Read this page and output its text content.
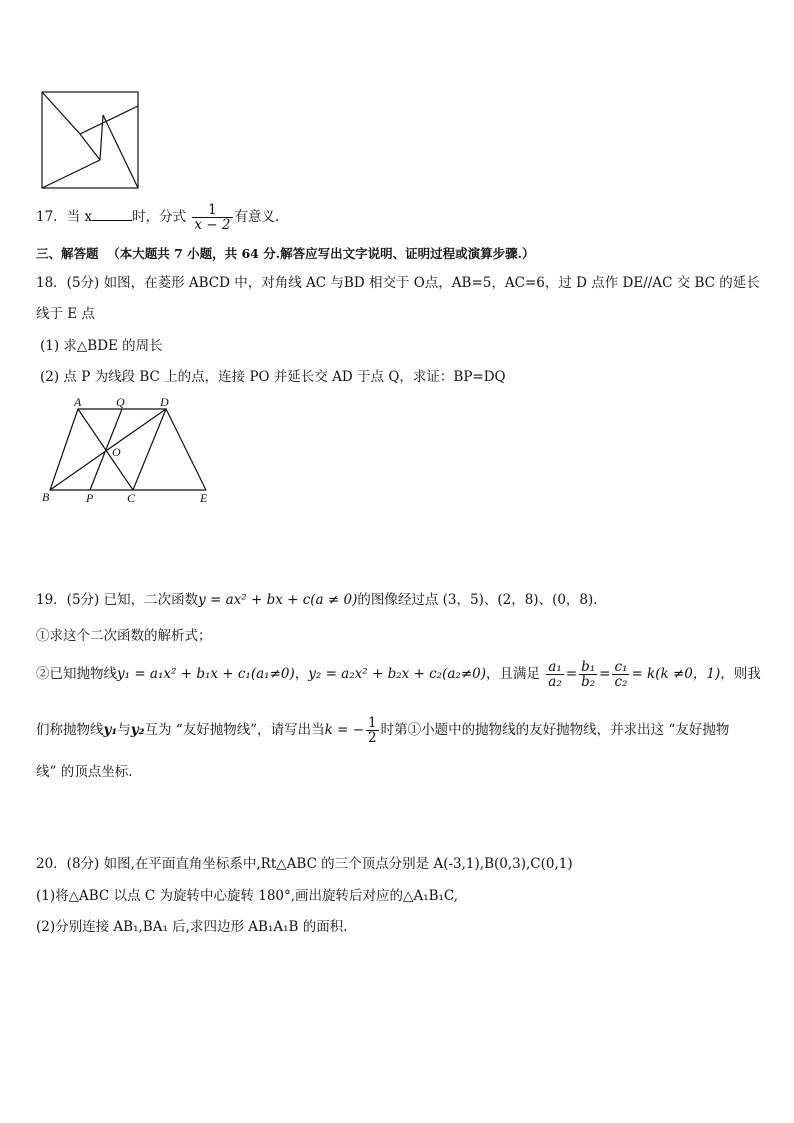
17．当 x	时，分式 $\frac{1}{x - 2}$ 有意义.
三、解答题 （本大题共 7 小题，共 64 分.解答应写出文字说明、证明过程或演算步骤.）
18．(5分) 如图，在菱形 ABCD 中，对角线 AC 与BD 相交于 O点，AB=5，AC=6，过 D 点作 DE//AC 交 BC 的延长
线于 E 点
(1) 求△BDE 的周长
(2) 点 P 为线段 BC 上的点，连接 PO 并延长交 AD 于点 Q，求证：BP=DQ
A	Q	D
O
B	P	C	E
19．(5分) 已知，二次函数y = ax² + bx + c(a ≠ 0)的图像经过点 (3，5)、(2，8)、(0，8).
①求这个二次函数的解析式；
②已知抛物线y₁ = a₁x² + b₁x + c₁(a₁≠0)，y₂ = a₂x² + b₂x + c₂(a₂≠0)，且满足 $\frac{\text{a₁}}{\text{a₂}} = \frac{\text{b₁}}{\text{b₂}} = \frac{\text{c₁}}{\text{c₂}} = k(k \ne 0$，1)，则我
们称抛物线y₁与y₂互为 “友好抛物线”，请写出当k = − $\frac{1}{2}$ 时第①小题中的抛物线的友好抛物线，并求出这 “友好抛物
线” 的顶点坐标.
20．(8分) 如图,在平面直角坐标系中,Rt△ABC 的三个顶点分别是 A(-3,1),B(0,3),C(0,1)
(1)将△ABC 以点 C 为旋转中心旋转 180°,画出旋转后对应的△A₁B₁C,
(2)分别连接 AB₁,BA₁ 后,求四边形 AB₁A₁B 的面积.
